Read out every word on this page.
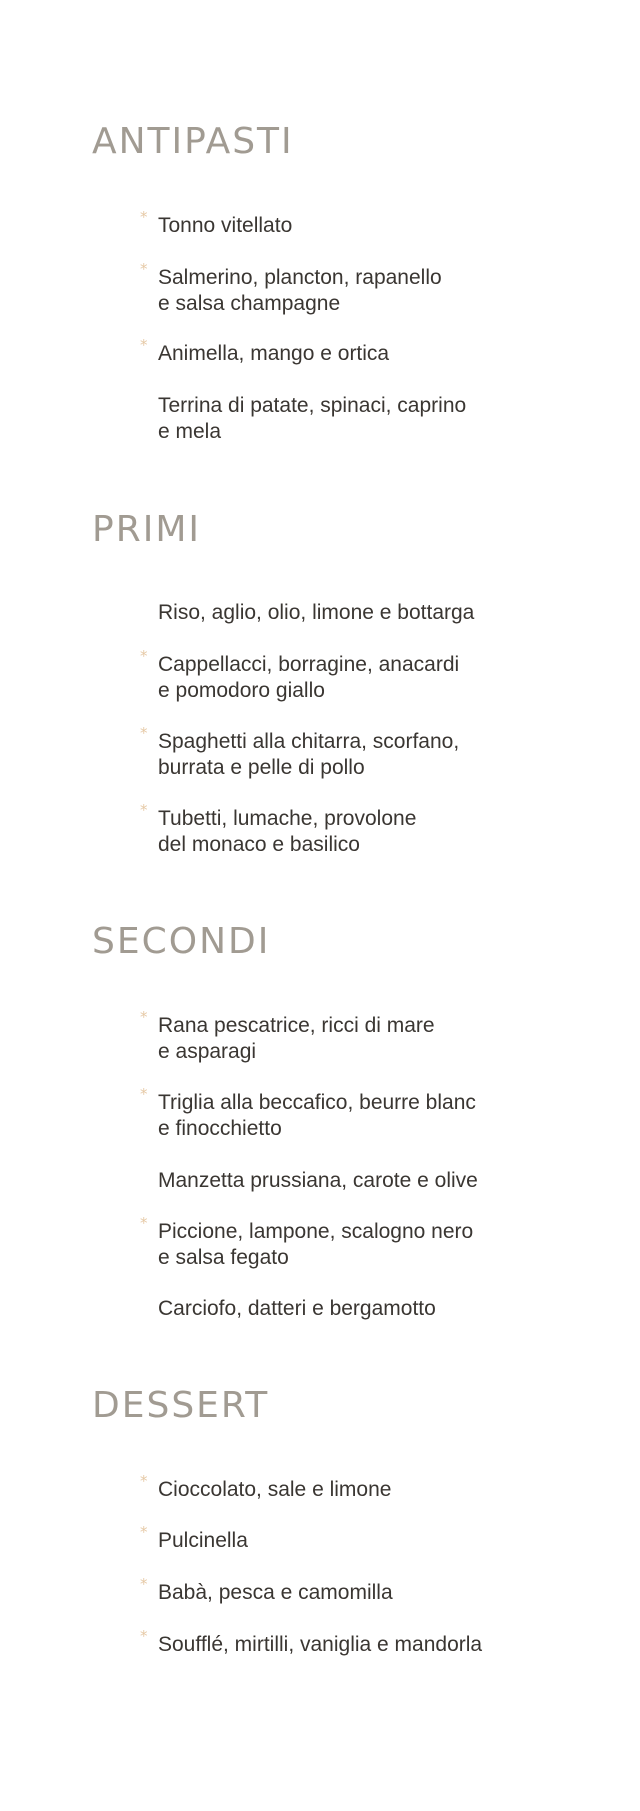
ANTIPASTI
* Tonno vitellato
* Salmerino, plancton, rapanello
e salsa champagne
* Animella, mango e ortica
Terrina di patate, spinaci, caprino
e mela
PRIMI
Riso, aglio, olio, limone e bottarga
* Cappellacci, borragine, anacardi
e pomodoro giallo
* Spaghetti alla chitarra, scorfano,
burrata e pelle di pollo
* Tubetti, lumache, provolone
del monaco e basilico
SECONDI
* Rana pescatrice, ricci di mare
e asparagi
* Triglia alla beccafico, beurre blanc
e finocchietto
Manzetta prussiana, carote e olive
* Piccione, lampone, scalogno nero
e salsa fegato
Carciofo, datteri e bergamotto
DESSERT
* Cioccolato, sale e limone
* Pulcinella
* Babà, pesca e camomilla
* Soufflé, mirtilli, vaniglia e mandorla
